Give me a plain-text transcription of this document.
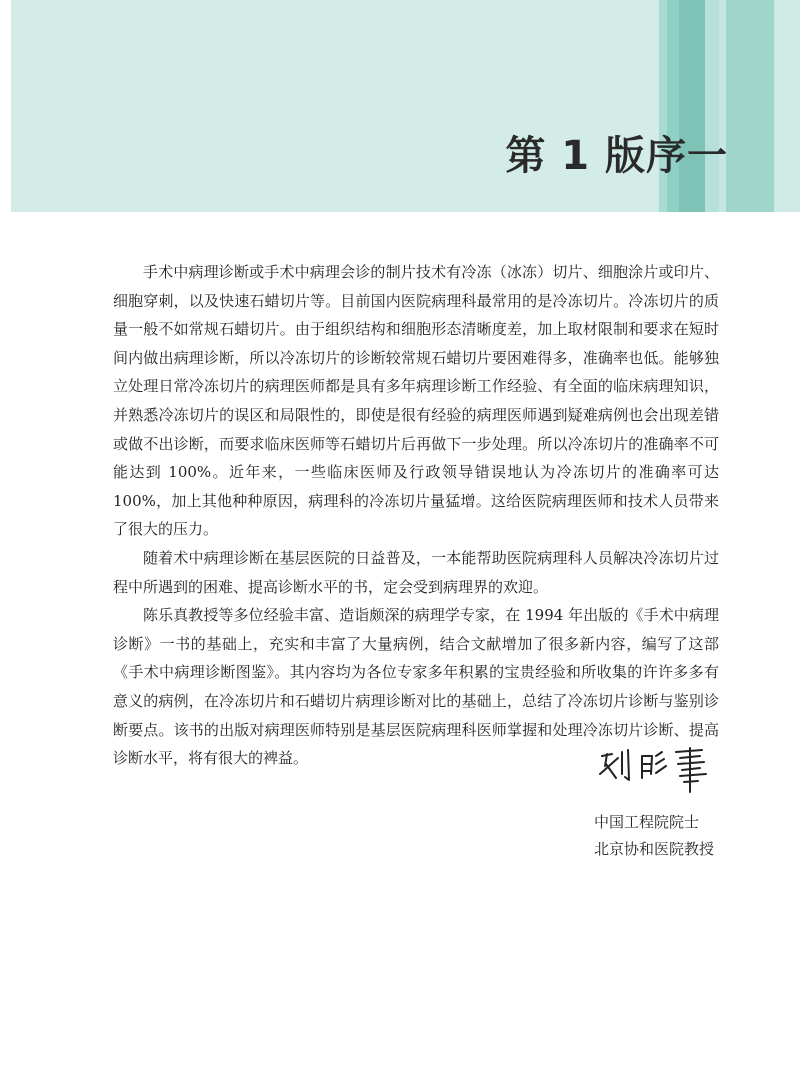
第 1 版序一

手术中病理诊断或手术中病理会诊的制片技术有冷冻（冰冻）切片、细胞涂片或印片、细胞穿刺，以及快速石蜡切片等。目前国内医院病理科最常用的是冷冻切片。冷冻切片的质量一般不如常规石蜡切片。由于组织结构和细胞形态清晰度差，加上取材限制和要求在短时间内做出病理诊断，所以冷冻切片的诊断较常规石蜡切片要困难得多，准确率也低。能够独立处理日常冷冻切片的病理医师都是具有多年病理诊断工作经验、有全面的临床病理知识，并熟悉冷冻切片的误区和局限性的，即使是很有经验的病理医师遇到疑难病例也会出现差错或做不出诊断，而要求临床医师等石蜡切片后再做下一步处理。所以冷冻切片的准确率不可能达到 100%。近年来，一些临床医师及行政领导错误地认为冷冻切片的准确率可达 100%，加上其他种种原因，病理科的冷冻切片量猛增。这给医院病理医师和技术人员带来了很大的压力。

随着术中病理诊断在基层医院的日益普及，一本能帮助医院病理科人员解决冷冻切片过程中所遇到的困难、提高诊断水平的书，定会受到病理界的欢迎。

陈乐真教授等多位经验丰富、造诣颇深的病理学专家，在 1994 年出版的《手术中病理诊断》一书的基础上，充实和丰富了大量病例，结合文献增加了很多新内容，编写了这部《手术中病理诊断图鉴》。其内容均为各位专家多年积累的宝贵经验和所收集的许许多多有意义的病例，在冷冻切片和石蜡切片病理诊断对比的基础上，总结了冷冻切片诊断与鉴别诊断要点。该书的出版对病理医师特别是基层医院病理科医师掌握和处理冷冻切片诊断、提高诊断水平，将有很大的裨益。

中国工程院院士
北京协和医院教授
